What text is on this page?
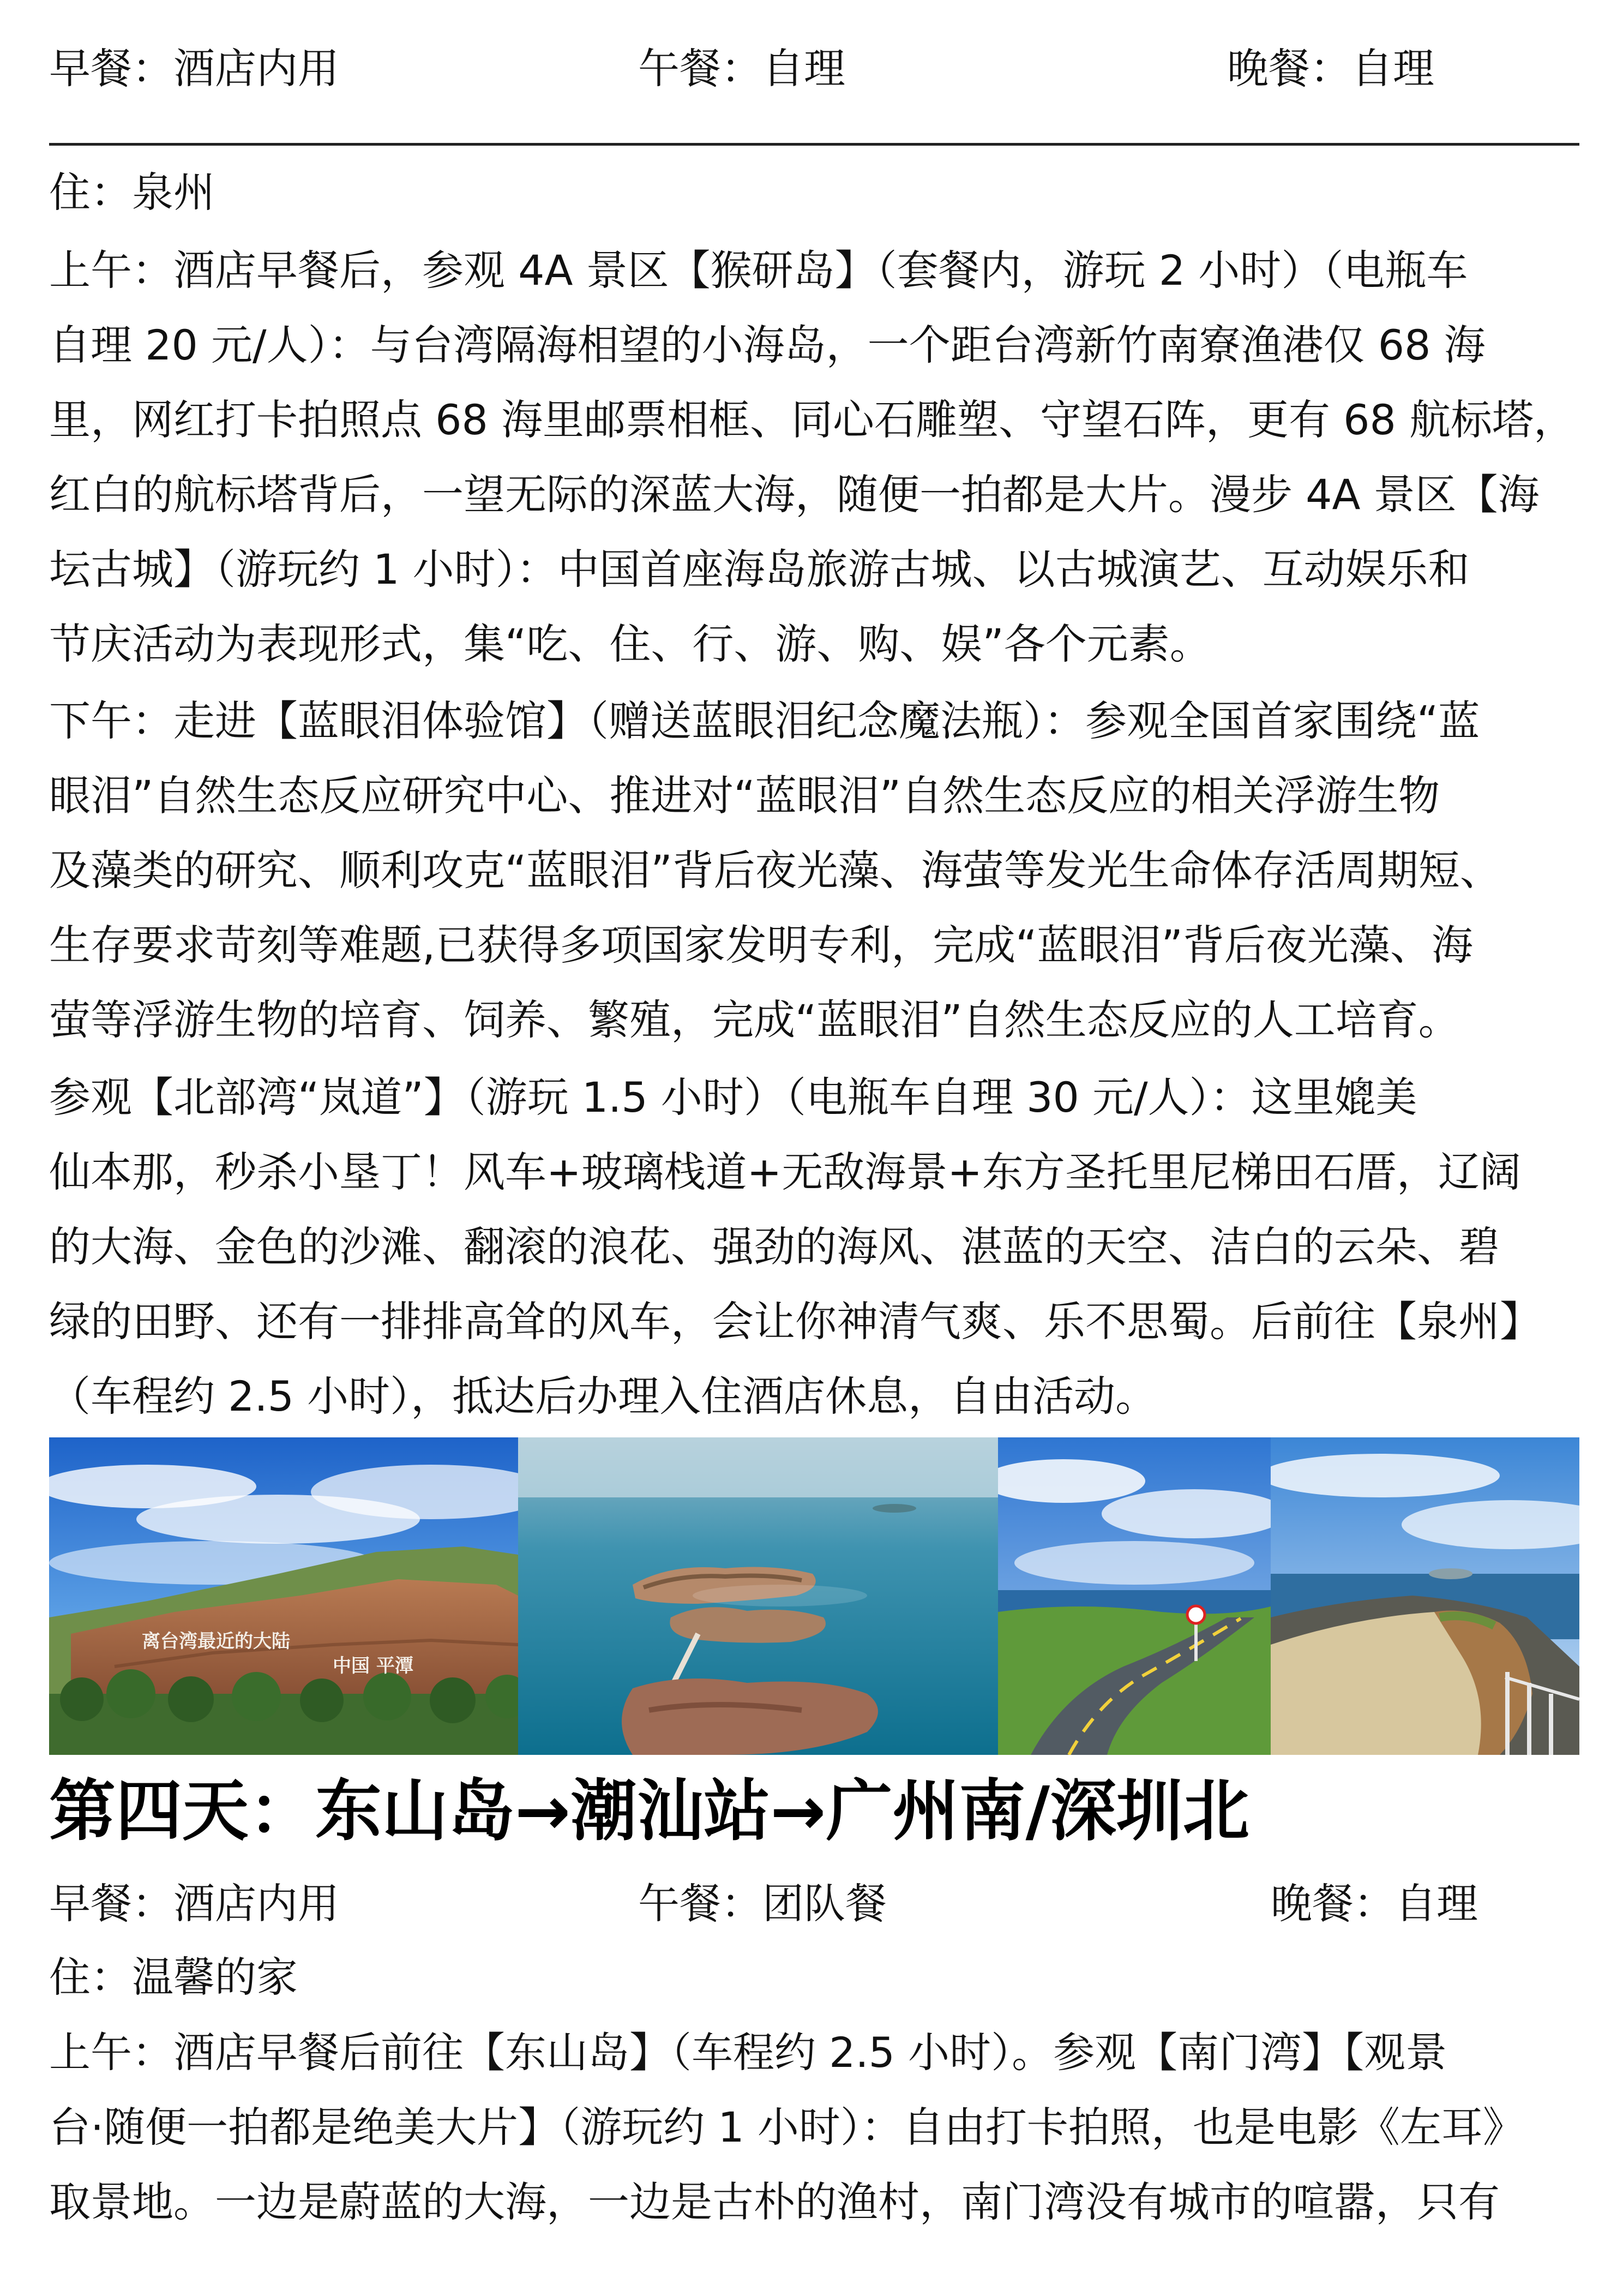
早餐：酒店内用	午餐：自理	晚餐：自理
住：泉州
上午：酒店早餐后，参观 4A 景区【猴研岛】（套餐内，游玩 2 小时）（电瓶车
自理 20 元/人）：与台湾隔海相望的小海岛，一个距台湾新竹南寮渔港仅 68 海
里，网红打卡拍照点 68 海里邮票相框、同心石雕塑、守望石阵，更有 68 航标塔，
红白的航标塔背后，一望无际的深蓝大海，随便一拍都是大片。漫步 4A 景区【海
坛古城】（游玩约 1 小时）：中国首座海岛旅游古城、以古城演艺、互动娱乐和
节庆活动为表现形式，集“吃、住、行、游、购、娱”各个元素。
下午：走进【蓝眼泪体验馆】（赠送蓝眼泪纪念魔法瓶）：参观全国首家围绕“蓝
眼泪”自然生态反应研究中心、推进对“蓝眼泪”自然生态反应的相关浮游生物
及藻类的研究、顺利攻克“蓝眼泪”背后夜光藻、海萤等发光生命体存活周期短、
生存要求苛刻等难题,已获得多项国家发明专利，完成“蓝眼泪”背后夜光藻、海
萤等浮游生物的培育、饲养、繁殖，完成“蓝眼泪”自然生态反应的人工培育。
参观【北部湾“岚道”】（游玩 1.5 小时）（电瓶车自理 30 元/人）：这里媲美
仙本那，秒杀小垦丁！风车+玻璃栈道+无敌海景+东方圣托里尼梯田石厝，辽阔
的大海、金色的沙滩、翻滚的浪花、强劲的海风、湛蓝的天空、洁白的云朵、碧
绿的田野、还有一排排高耸的风车，会让你神清气爽、乐不思蜀。后前往【泉州】
（车程约 2.5 小时），抵达后办理入住酒店休息，自由活动。
离台湾最近的大陆
中国 平潭
第四天：东山岛→潮汕站→广州南/深圳北
早餐：酒店内用	午餐：团队餐	晚餐：自理
住：温馨的家
上午：酒店早餐后前往【东山岛】（车程约 2.5 小时）。参观【南门湾】【观景
台·随便一拍都是绝美大片】（游玩约 1 小时）：自由打卡拍照，也是电影《左耳》
取景地。一边是蔚蓝的大海，一边是古朴的渔村，南门湾没有城市的喧嚣，只有
